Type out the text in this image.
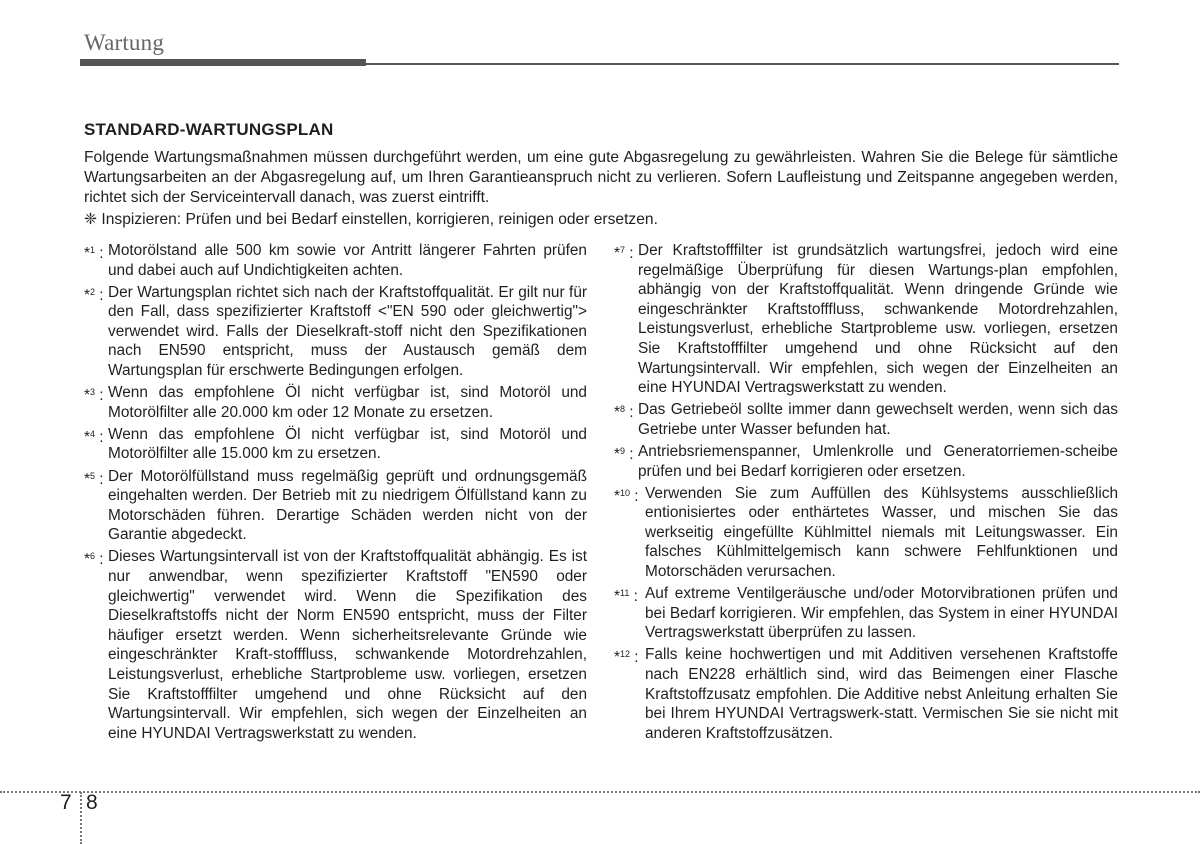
Wartung
STANDARD-WARTUNGSPLAN

Folgende Wartungsmaßnahmen müssen durchgeführt werden, um eine gute Abgasregelung zu gewährleisten. Wahren Sie die Belege für sämtliche Wartungsarbeiten an der Abgasregelung auf, um Ihren Garantieanspruch nicht zu verlieren. Sofern Laufleistung und Zeitspanne angegeben werden, richtet sich der Serviceintervall danach, was zuerst eintrifft.

❈ Inspizieren: Prüfen und bei Bedarf einstellen, korrigieren, reinigen oder ersetzen.

*$^1$ : Motorölstand alle 500 km sowie vor Antritt längerer Fahrten prüfen und dabei auch auf Undichtigkeiten achten.
*$^2$ : Der Wartungsplan richtet sich nach der Kraftstoffqualität. Er gilt nur für den Fall, dass spezifizierter Kraftstoff <"EN 590 oder gleichwertig"> verwendet wird. Falls der Dieselkraft-stoff nicht den Spezifikationen nach EN590 entspricht, muss der Austausch gemäß dem Wartungsplan für erschwerte Bedingungen erfolgen.
*$^3$ : Wenn das empfohlene Öl nicht verfügbar ist, sind Motoröl und Motorölfilter alle 20.000 km oder 12 Monate zu ersetzen.
*$^4$ : Wenn das empfohlene Öl nicht verfügbar ist, sind Motoröl und Motorölfilter alle 15.000 km zu ersetzen.
*$^5$ : Der Motorölfüllstand muss regelmäßig geprüft und ordnungsgemäß eingehalten werden. Der Betrieb mit zu niedrigem Ölfüllstand kann zu Motorschäden führen. Derartige Schäden werden nicht von der Garantie abgedeckt.
*$^6$ : Dieses Wartungsintervall ist von der Kraftstoffqualität abhängig. Es ist nur anwendbar, wenn spezifizierter Kraftstoff "EN590 oder gleichwertig" verwendet wird. Wenn die Spezifikation des Dieselkraftstoffs nicht der Norm EN590 entspricht, muss der Filter häufiger ersetzt werden. Wenn sicherheitsrelevante Gründe wie eingeschränkter Kraft-stofffluss, schwankende Motordrehzahlen, Leistungsverlust, erhebliche Startprobleme usw. vorliegen, ersetzen Sie Kraftstofffilter umgehend und ohne Rücksicht auf den Wartungsintervall. Wir empfehlen, sich wegen der Einzelheiten an eine HYUNDAI Vertragswerkstatt zu wenden.
*$^7$ : Der Kraftstofffilter ist grundsätzlich wartungsfrei, jedoch wird eine regelmäßige Überprüfung für diesen Wartungs-plan empfohlen, abhängig von der Kraftstoffqualität. Wenn dringende Gründe wie eingeschränkter Kraftstofffluss, schwankende Motordrehzahlen, Leistungsverlust, erhebliche Startprobleme usw. vorliegen, ersetzen Sie Kraftstofffilter umgehend und ohne Rücksicht auf den Wartungsintervall. Wir empfehlen, sich wegen der Einzelheiten an eine HYUNDAI Vertragswerkstatt zu wenden.
*$^8$ : Das Getriebeöl sollte immer dann gewechselt werden, wenn sich das Getriebe unter Wasser befunden hat.
*$^9$ : Antriebsriemenspanner, Umlenkrolle und Generatorriemen-scheibe prüfen und bei Bedarf korrigieren oder ersetzen.
*$^{10}$ : Verwenden Sie zum Auffüllen des Kühlsystems ausschließlich entionisiertes oder enthärtetes Wasser, und mischen Sie das werkseitig eingefüllte Kühlmittel niemals mit Leitungswasser. Ein falsches Kühlmittelgemisch kann schwere Fehlfunktionen und Motorschäden verursachen.
*$^{11}$ : Auf extreme Ventilgeräusche und/oder Motorvibrationen prüfen und bei Bedarf korrigieren. Wir empfehlen, das System in einer HYUNDAI Vertragswerkstatt überprüfen zu lassen.
*$^{12}$ : Falls keine hochwertigen und mit Additiven versehenen Kraftstoffe nach EN228 erhältlich sind, wird das Beimengen einer Flasche Kraftstoffzusatz empfohlen. Die Additive nebst Anleitung erhalten Sie bei Ihrem HYUNDAI Vertragswerk-statt. Vermischen Sie sie nicht mit anderen Kraftstoffzusätzen.
7 8
